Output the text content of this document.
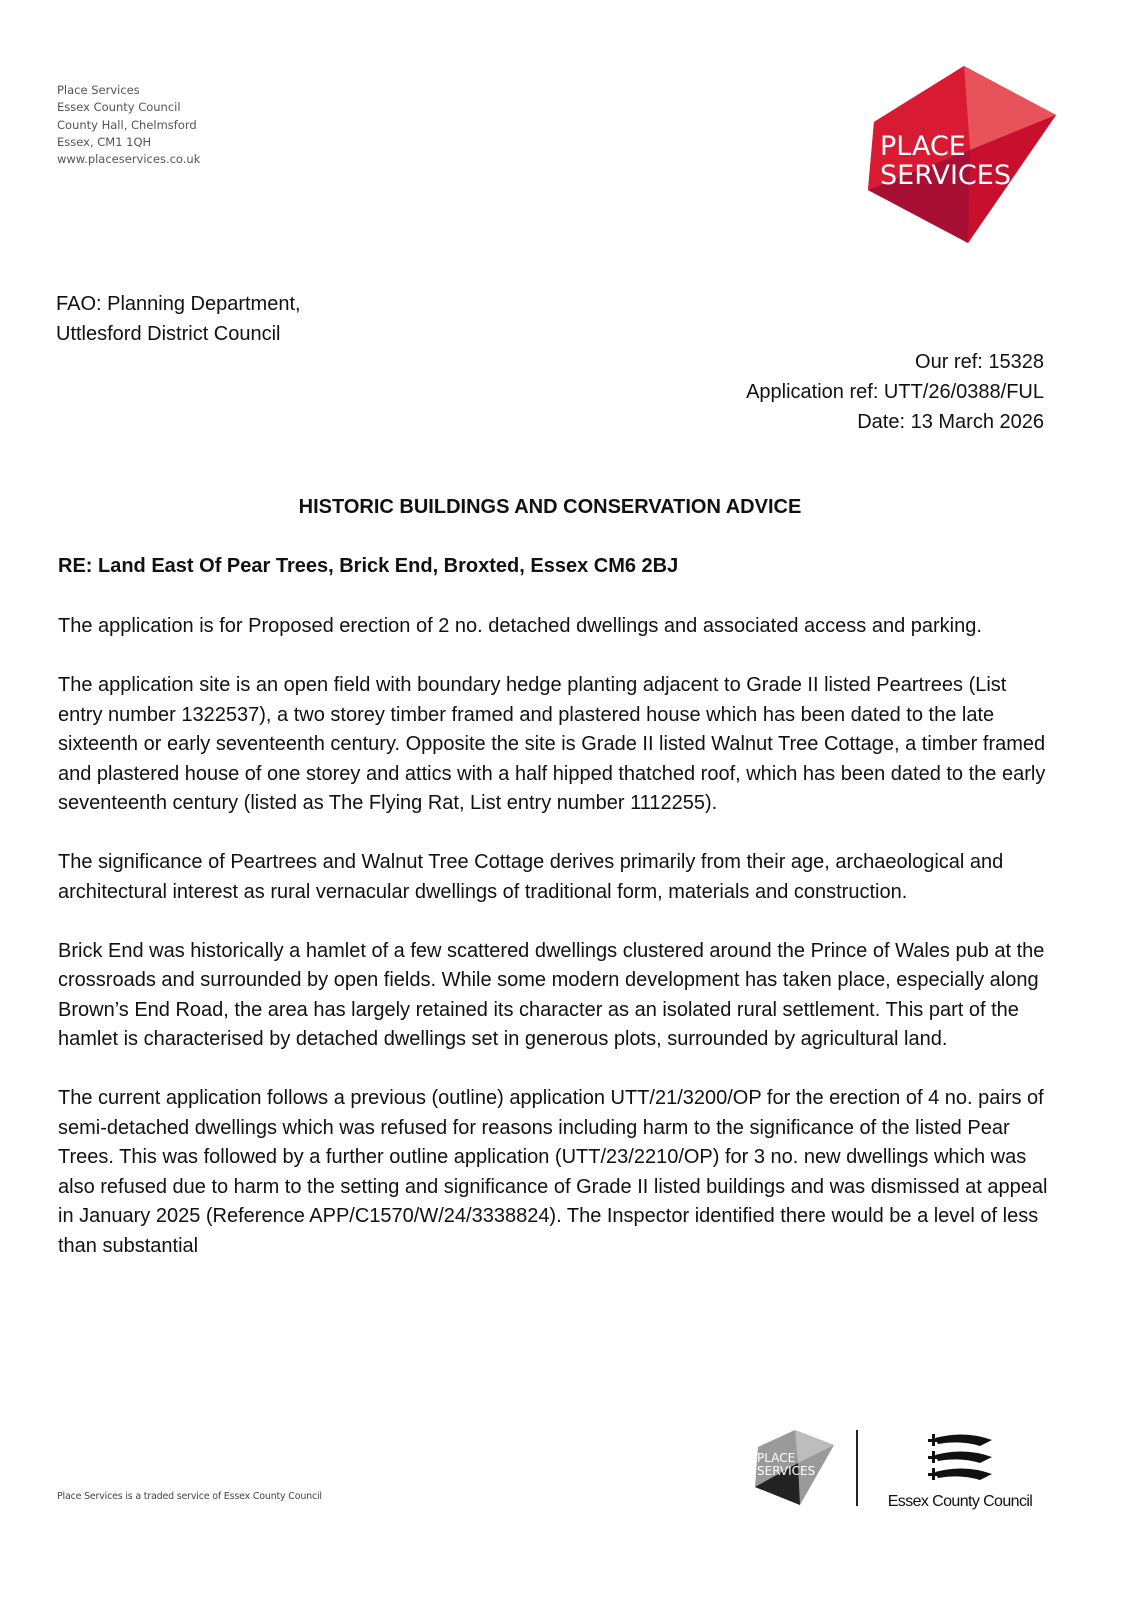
Place Services
Essex County Council
County Hall, Chelmsford
Essex, CM1 1QH
www.placeservices.co.uk	PLACE
SERVICES
FAO: Planning Department,
Uttlesford District Council
Our ref: 15328
Application ref: UTT/26/0388/FUL
Date: 13 March 2026
HISTORIC BUILDINGS AND CONSERVATION ADVICE
RE: Land East Of Pear Trees, Brick End, Broxted, Essex CM6 2BJ

The application is for Proposed erection of 2 no. detached dwellings and associated access and parking.

The application site is an open field with boundary hedge planting adjacent to Grade II listed Peartrees (List entry number 1322537), a two storey timber framed and plastered house which has been dated to the late sixteenth or early seventeenth century. Opposite the site is Grade II listed Walnut Tree Cottage, a timber framed and plastered house of one storey and attics with a half hipped thatched roof, which has been dated to the early seventeenth century (listed as The Flying Rat, List entry number 1112255).

The significance of Peartrees and Walnut Tree Cottage derives primarily from their age, archaeological and architectural interest as rural vernacular dwellings of traditional form, materials and construction.

Brick End was historically a hamlet of a few scattered dwellings clustered around the Prince of Wales pub at the crossroads and surrounded by open fields. While some modern development has taken place, especially along Brown’s End Road, the area has largely retained its character as an isolated rural settlement. This part of the hamlet is characterised by detached dwellings set in generous plots, surrounded by agricultural land.

The current application follows a previous (outline) application UTT/21/3200/OP for the erection of 4 no. pairs of semi-detached dwellings which was refused for reasons including harm to the significance of the listed Pear Trees. This was followed by a further outline application (UTT/23/2210/OP) for 3 no. new dwellings which was also refused due to harm to the setting and significance of Grade II listed buildings and was dismissed at appeal in January 2025 (Reference APP/C1570/W/24/3338824). The Inspector identified there would be a level of less than substantial

Place Services is a traded service of Essex County Council
PLACE
SERVICES
Essex County Council
